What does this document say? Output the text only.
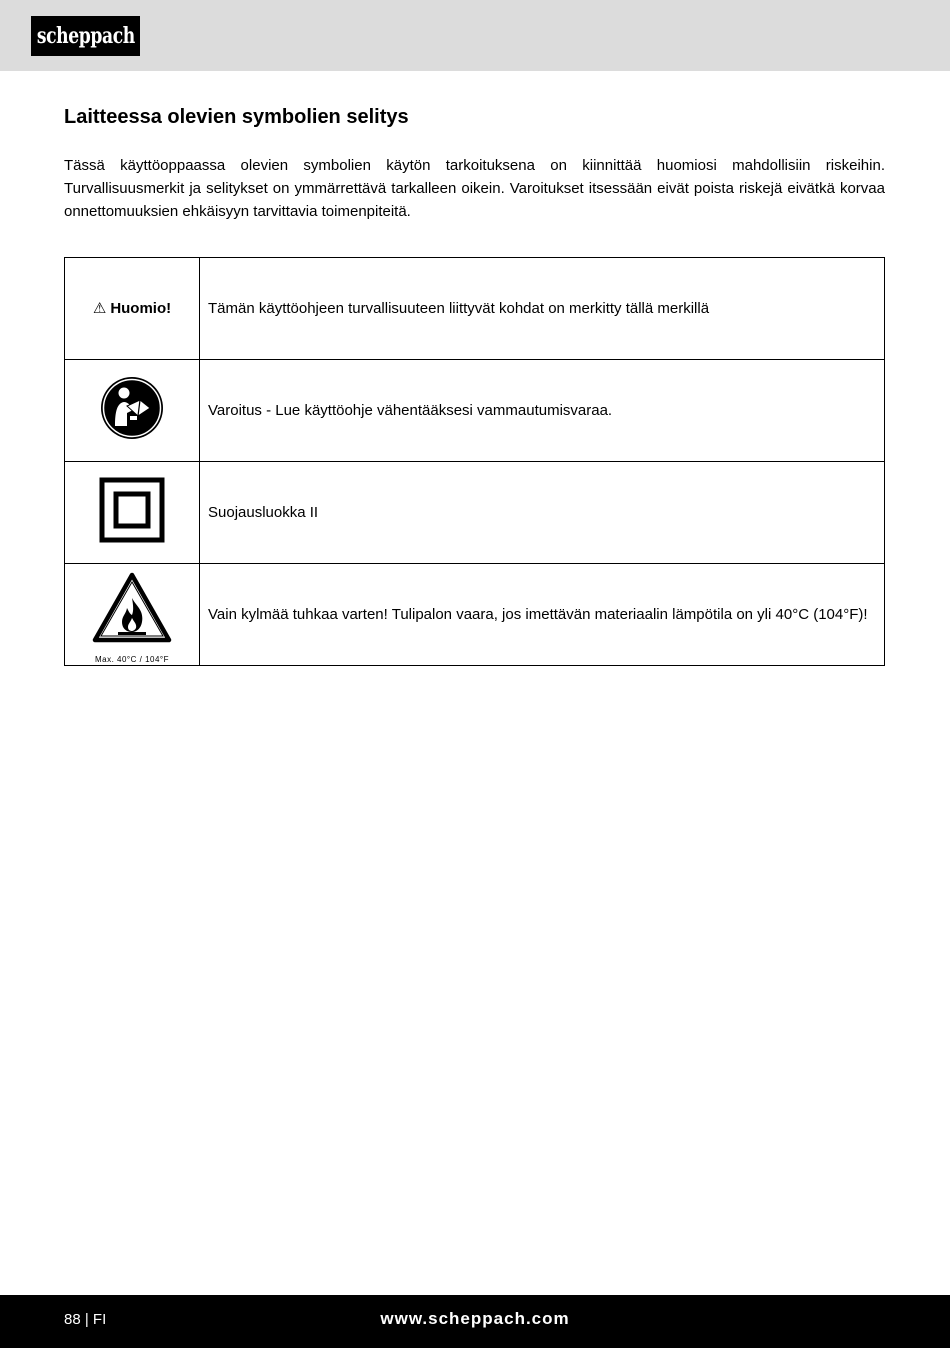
scheppach
Laitteessa olevien symbolien selitys

Tässä käyttöoppaassa olevien symbolien käytön tarkoituksena on kiinnittää huomiosi mahdollisiin riskeihin. Turvallisuusmerkit ja selitykset on ymmärrettävä tarkalleen oikein. Varoitukset itsessään eivät poista riskejä eivätkä korvaa onnettomuuksien ehkäisyyn tarvittavia toimenpiteitä.

⚠ Huomio!	Tämän käyttöohjeen turvallisuuteen liittyvät kohdat on merkitty tällä merkillä
	Varoitus - Lue käyttöohje vähentääksesi vammautumisvaraa.
	Suojausluokka II

Max. 40°C / 104°F	Vain kylmää tuhkaa varten! Tulipalon vaara, jos imettävän materiaalin lämpötila on yli 40°C (104°F)!
88 | FI	www.scheppach.com
